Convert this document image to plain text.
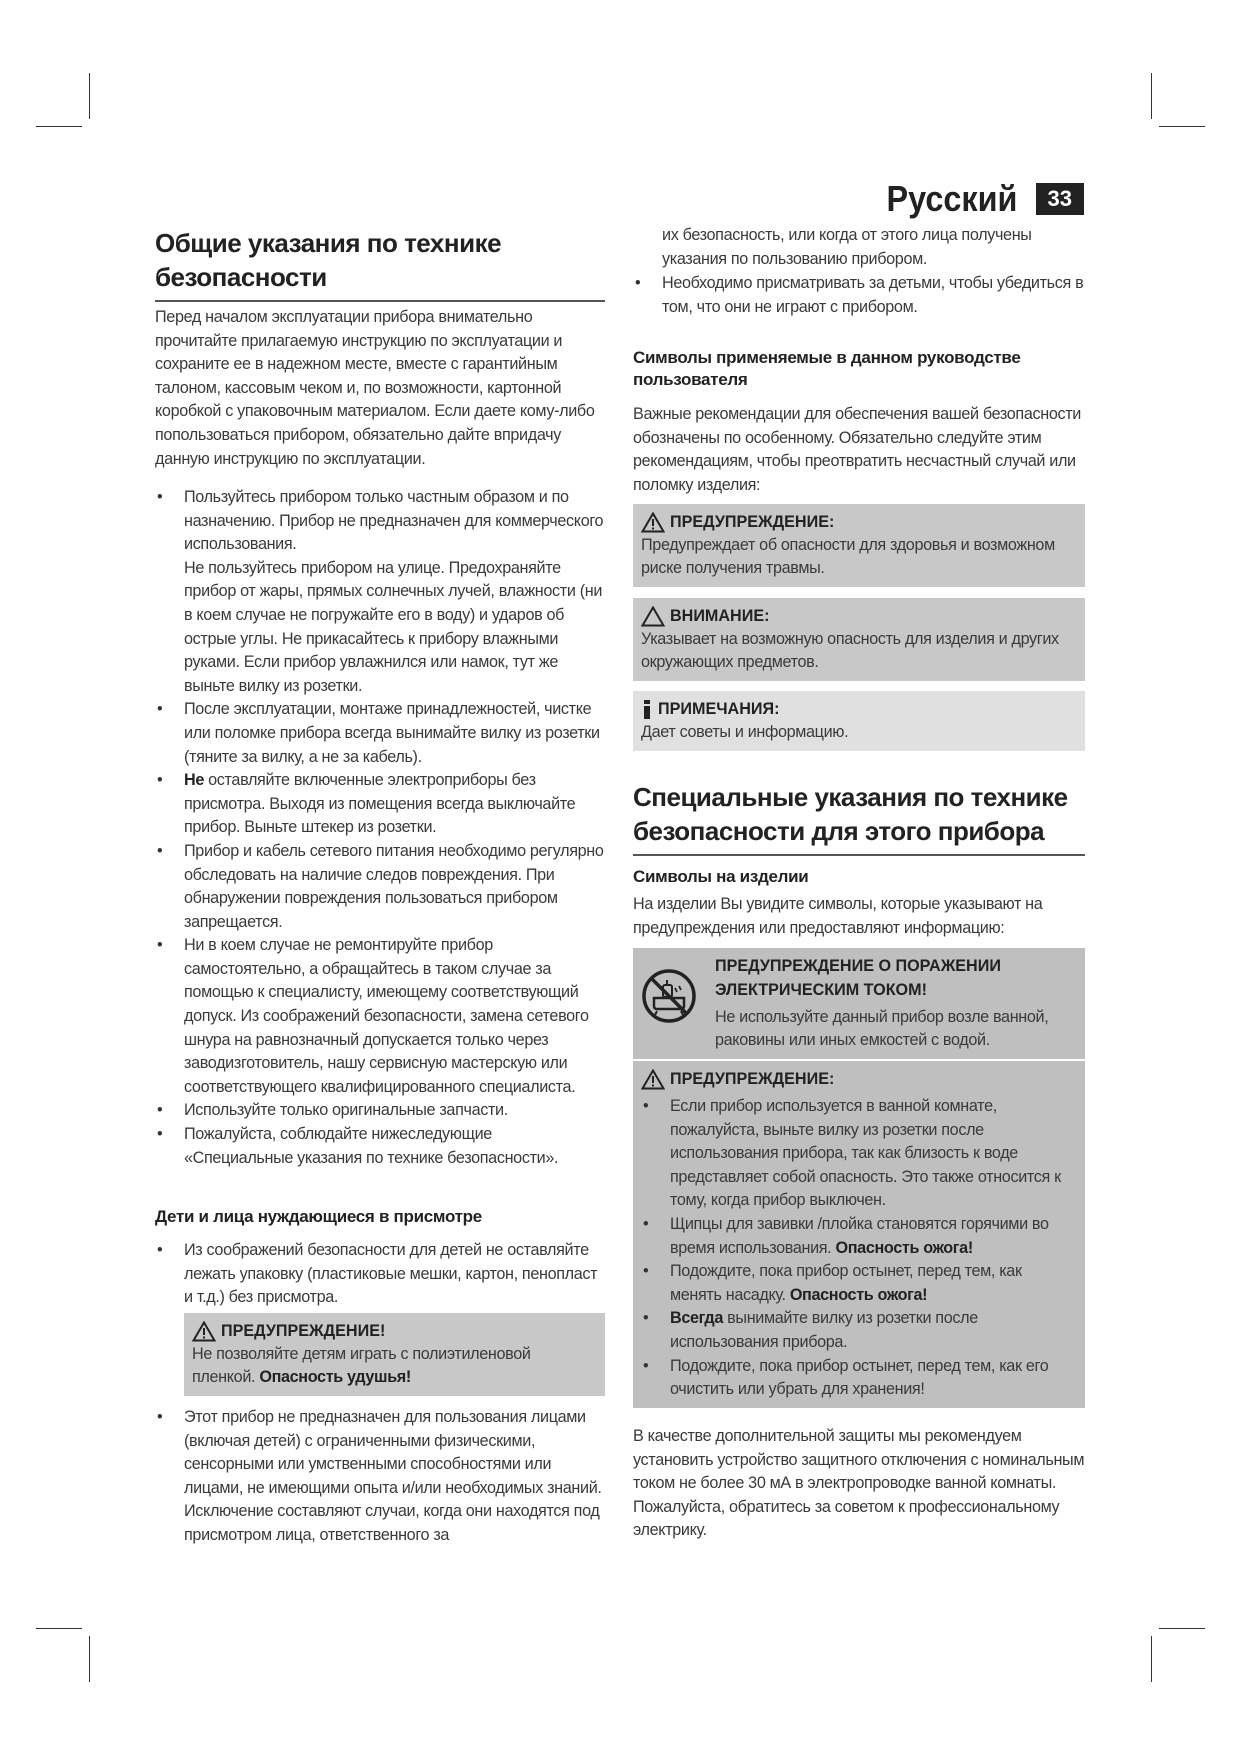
Русский	33
Общие указания по технике безопасности

Перед началом эксплуатации прибора внимательно прочитайте прилагаемую инструкцию по эксплуатации и сохраните ее в надежном месте, вместе с гарантийным талоном, кассовым чеком и, по возможности, картонной коробкой с упаковочным материалом. Если даете кому-либо попользоваться прибором, обязательно дайте впридачу данную инструкцию по эксплуатации.

• Пользуйтесь прибором только частным образом и по назначению. Прибор не предназначен для коммерческого использования.
Не пользуйтесь прибором на улице. Предохраняйте прибор от жары, прямых солнечных лучей, влажности (ни в коем случае не погружайте его в воду) и ударов об острые углы. Не прикасайтесь к прибору влажными руками. Если прибор увлажнился или намок, тут же выньте вилку из розетки.
• После эксплуатации, монтаже принадлежностей, чистке или поломке прибора всегда вынимайте вилку из розетки (тяните за вилку, а не за кабель).
• Не оставляйте включенные электроприборы без присмотра. Выходя из помещения всегда выключайте прибор. Выньте штекер из розетки.
• Прибор и кабель сетевого питания необходимо регулярно обследовать на наличие следов повреждения. При обнаружении повреждения пользоваться прибором запрещается.
• Ни в коем случае не ремонтируйте прибор самостоятельно, а обращайтесь в таком случае за помощью к специалисту, имеющему соответствующий допуск. Из соображений безопасности, замена сетевого шнура на равнозначный допускается только через заводизготовитель, нашу сервисную мастерскую или соответствующего квалифицированного специалиста.
• Используйте только оригинальные запчасти.
• Пожалуйста, соблюдайте нижеследующие «Специальные указания по технике безопасности».
Дети и лица нуждающиеся в присмотре
• Из соображений безопасности для детей не оставляйте лежать упаковку (пластиковые мешки, картон, пенопласт и т.д.) без присмотра.
ПРЕДУПРЕЖДЕНИЕ!

Не позволяйте детям играть с полиэтиленовой пленкой. Опасность удушья!

• Этот прибор не предназначен для пользования лицами (включая детей) с ограниченными физическими, сенсорными или умственными способностями или лицами, не имеющими опыта и/или необходимых знаний. Исключение составляют случаи, когда они находятся под присмотром лица, ответственного за

их безопасность, или когда от этого лица получены указания по пользованию прибором.

• Необходимо присматривать за детьми, чтобы убедиться в том, что они не играют с прибором.
Символы применяемые в данном руководстве пользователя

Важные рекомендации для обеспечения вашей безопасности обозначены по особенному. Обязательно следуйте этим рекомендациям, чтобы преотвратить несчастный случай или поломку изделия:

ПРЕДУПРЕЖДЕНИЕ:

Предупреждает об опасности для здоровья и возможном риске получения травмы.

ВНИМАНИЕ:

Указывает на возможную опасность для изделия и других окружающих предметов.

ПРИМЕЧАНИЯ:

Дает советы и информацию.

Специальные указания по технике безопасности для этого прибора
Символы на изделии

На изделии Вы увидите символы, которые указывают на предупреждения или предоставляют информацию:

ПРЕДУПРЕЖДЕНИЕ О ПОРАЖЕНИИ ЭЛЕКТРИЧЕСКИМ ТОКОМ!

Не используйте данный прибор возле ванной, раковины или иных емкостей с водой.

ПРЕДУПРЕЖДЕНИЕ:
• Если прибор используется в ванной комнате, пожалуйста, выньте вилку из розетки после использования прибора, так как близость к воде представляет собой опасность. Это также относится к тому, когда прибор выключен.
• Щипцы для завивки /плойка становятся горячими во время использования. Опасность ожога!
• Подождите, пока прибор остынет, перед тем, как менять насадку. Опасность ожога!
• Всегда вынимайте вилку из розетки после использования прибора.
• Подождите, пока прибор остынет, перед тем, как его очистить или убрать для хранения!

В качестве дополнительной защиты мы рекомендуем установить устройство защитного отключения с номинальным током не более 30 мА в электропроводке ванной комнаты. Пожалуйста, обратитесь за советом к профессиональному электрику.
